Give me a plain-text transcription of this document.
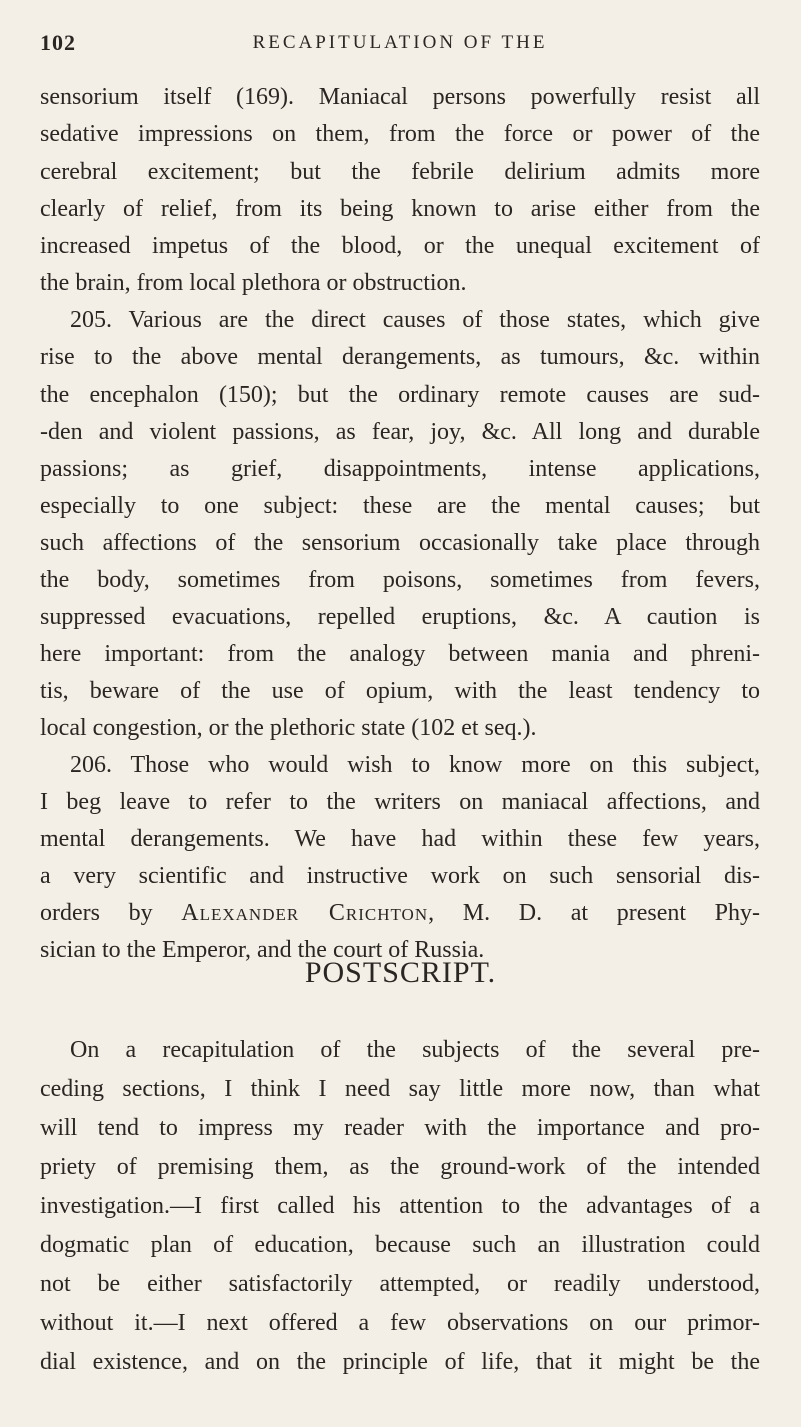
102	RECAPITULATION OF THE
sensorium itself (169). Maniacal persons powerfully resist all
sedative impressions on them, from the force or power of the
cerebral excitement; but the febrile delirium admits more
clearly of relief, from its being known to arise either from the
increased impetus of the blood, or the unequal excitement of
the brain, from local plethora or obstruction.
205. Various are the direct causes of those states, which give
rise to the above mental derangements, as tumours, &c. within
the encephalon (150); but the ordinary remote causes are sud-
-den and violent passions, as fear, joy, &c. All long and durable
passions; as grief, disappointments, intense applications,
especially to one subject: these are the mental causes; but
such affections of the sensorium occasionally take place through
the body, sometimes from poisons, sometimes from fevers,
suppressed evacuations, repelled eruptions, &c. A caution is
here important: from the analogy between mania and phreni-
tis, beware of the use of opium, with the least tendency to
local congestion, or the plethoric state (102 et seq.).
206. Those who would wish to know more on this subject,
I beg leave to refer to the writers on maniacal affections, and
mental derangements. We have had within these few years,
a very scientific and instructive work on such sensorial dis-
orders by Alexander Crichton, M. D. at present Phy-
sician to the Emperor, and the court of Russia.
POSTSCRIPT.
On a recapitulation of the subjects of the several pre-
ceding sections, I think I need say little more now, than what
will tend to impress my reader with the importance and pro-
priety of premising them, as the ground-work of the intended
investigation.—I first called his attention to the advantages of a
dogmatic plan of education, because such an illustration could
not be either satisfactorily attempted, or readily understood,
without it.—I next offered a few observations on our primor-
dial existence, and on the principle of life, that it might be the
